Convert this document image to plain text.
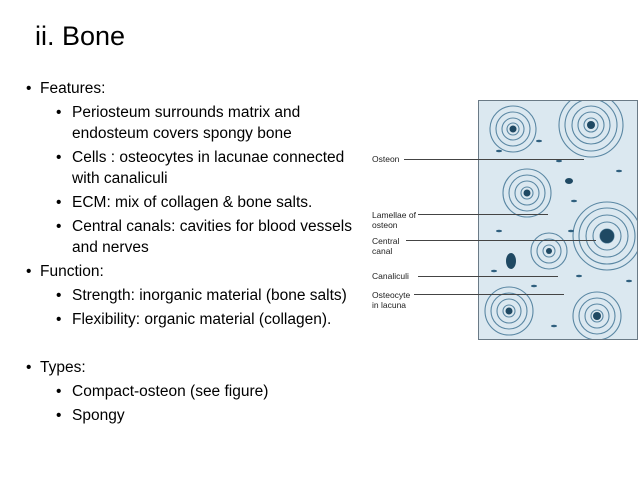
ii. Bone
• Features:
• Periosteum surrounds matrix and endosteum covers spongy bone
• Cells : osteocytes in lacunae connected with canaliculi
• ECM: mix of collagen & bone salts.
• Central canals: cavities for blood vessels and nerves
• Function:
• Strength: inorganic material (bone salts)
• Flexibility: organic material (collagen).
• Types:
• Compact-osteon (see figure)
• Spongy
Osteon
Lamellae of osteon
Central canal
Canaliculi
Osteocyte in lacuna
